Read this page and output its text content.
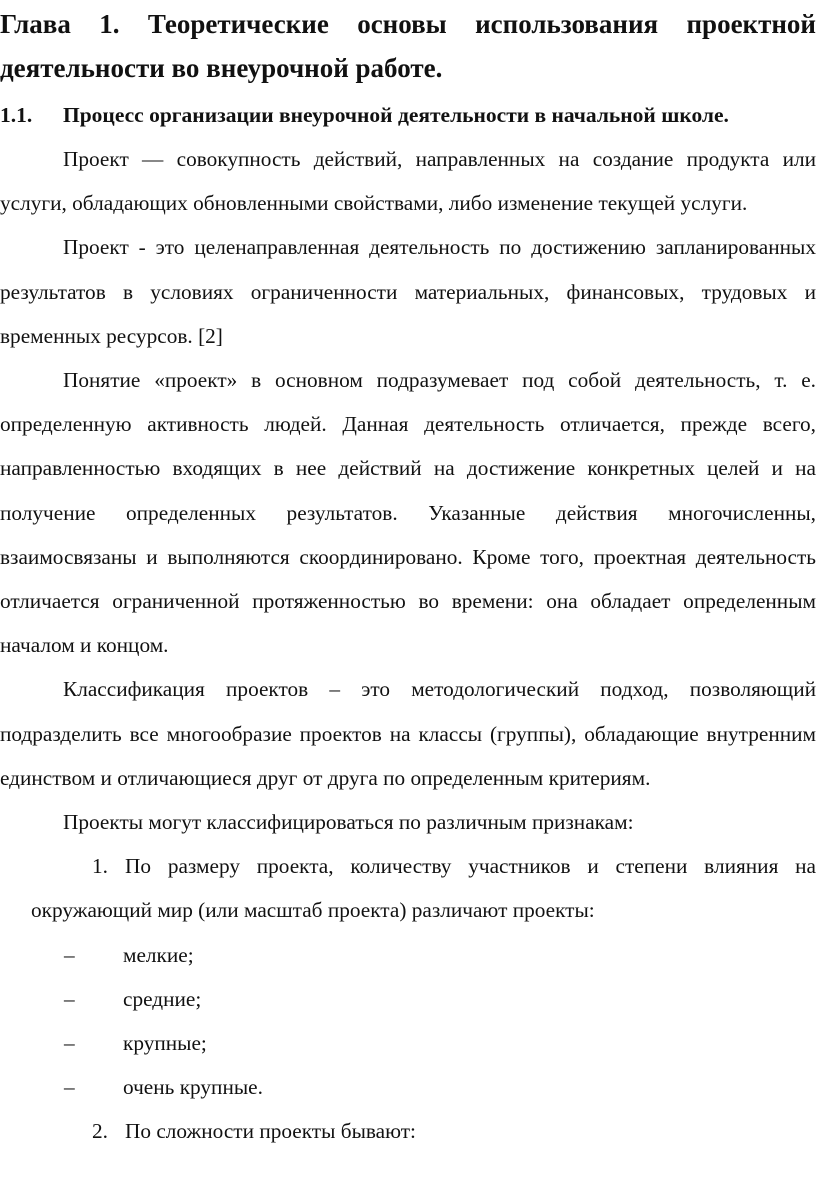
Глава 1. Теоретические основы использования проектной деятельности во внеурочной работе.
1.1. Процесс организации внеурочной деятельности в начальной школе.

Проект — совокупность действий, направленных на создание продукта или услуги, обладающих обновленными свойствами, либо изменение текущей услуги.

Проект - это целенаправленная деятельность по достижению запланированных результатов в условиях ограниченности материальных, финансовых, трудовых и временных ресурсов. [2]

Понятие «проект» в основном подразумевает под собой деятельность, т. е. определенную активность людей. Данная деятельность отличается, прежде всего, направленностью входящих в нее действий на достижение конкретных целей и на получение определенных результатов. Указанные действия многочисленны, взаимосвязаны и выполняются скоординировано. Кроме того, проектная деятельность отличается ограниченной протяженностью во времени: она обладает определенным началом и концом.

Классификация проектов – это методологический подход, позволяющий подразделить все многообразие проектов на классы (группы), обладающие внутренним единством и отличающиеся друг от друга по определенным критериям.

Проекты могут классифицироваться по различным признакам:

1. По размеру проекта, количеству участников и степени влияния на окружающий мир (или масштаб проекта) различают проекты:

– мелкие;

– средние;

– крупные;

– очень крупные.

2. По сложности проекты бывают:
